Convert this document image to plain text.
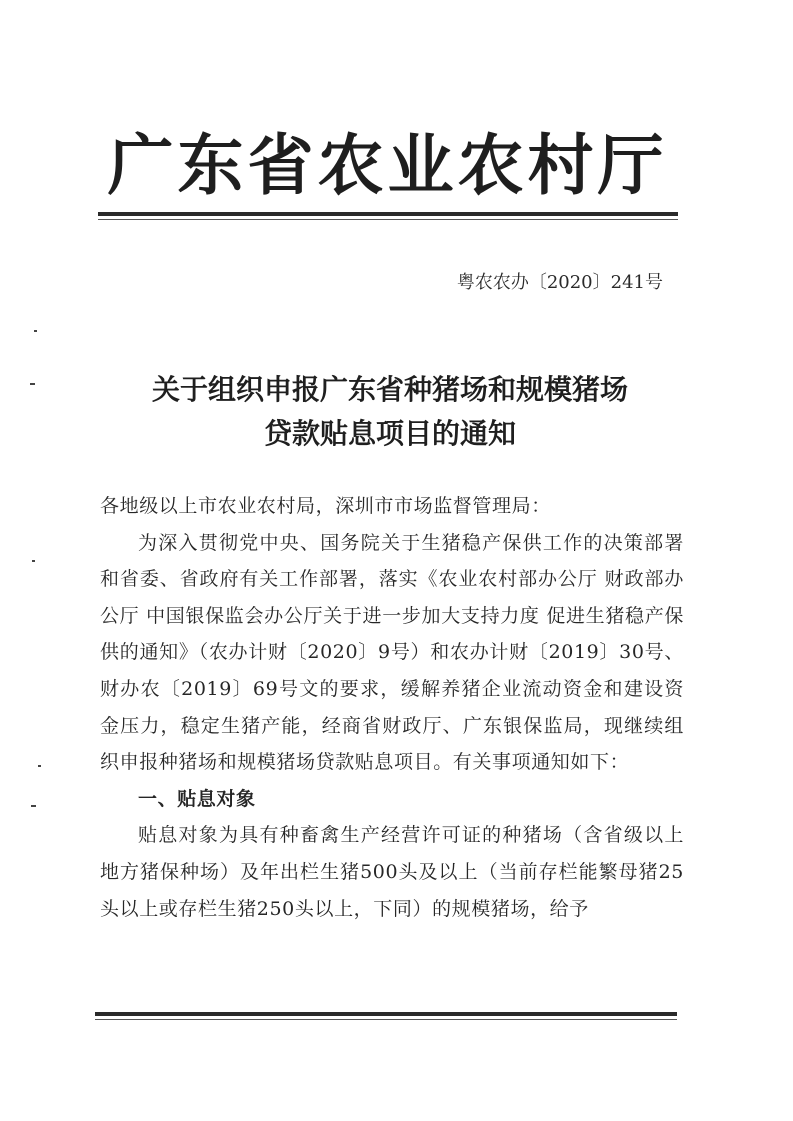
广东省农业农村厅
粤农农办〔2020〕241号
关于组织申报广东省种猪场和规模猪场
贷款贴息项目的通知

各地级以上市农业农村局，深圳市市场监督管理局：

为深入贯彻党中央、国务院关于生猪稳产保供工作的决策部署和省委、省政府有关工作部署，落实《农业农村部办公厅 财政部办公厅 中国银保监会办公厅关于进一步加大支持力度 促进生猪稳产保供的通知》（农办计财〔2020〕9号）和农办计财〔2019〕30号、财办农〔2019〕69号文的要求，缓解养猪企业流动资金和建设资金压力，稳定生猪产能，经商省财政厅、广东银保监局，现继续组织申报种猪场和规模猪场贷款贴息项目。有关事项通知如下：

一、贴息对象

贴息对象为具有种畜禽生产经营许可证的种猪场（含省级以上地方猪保种场）及年出栏生猪500头及以上（当前存栏能繁母猪25头以上或存栏生猪250头以上，下同）的规模猪场，给予
